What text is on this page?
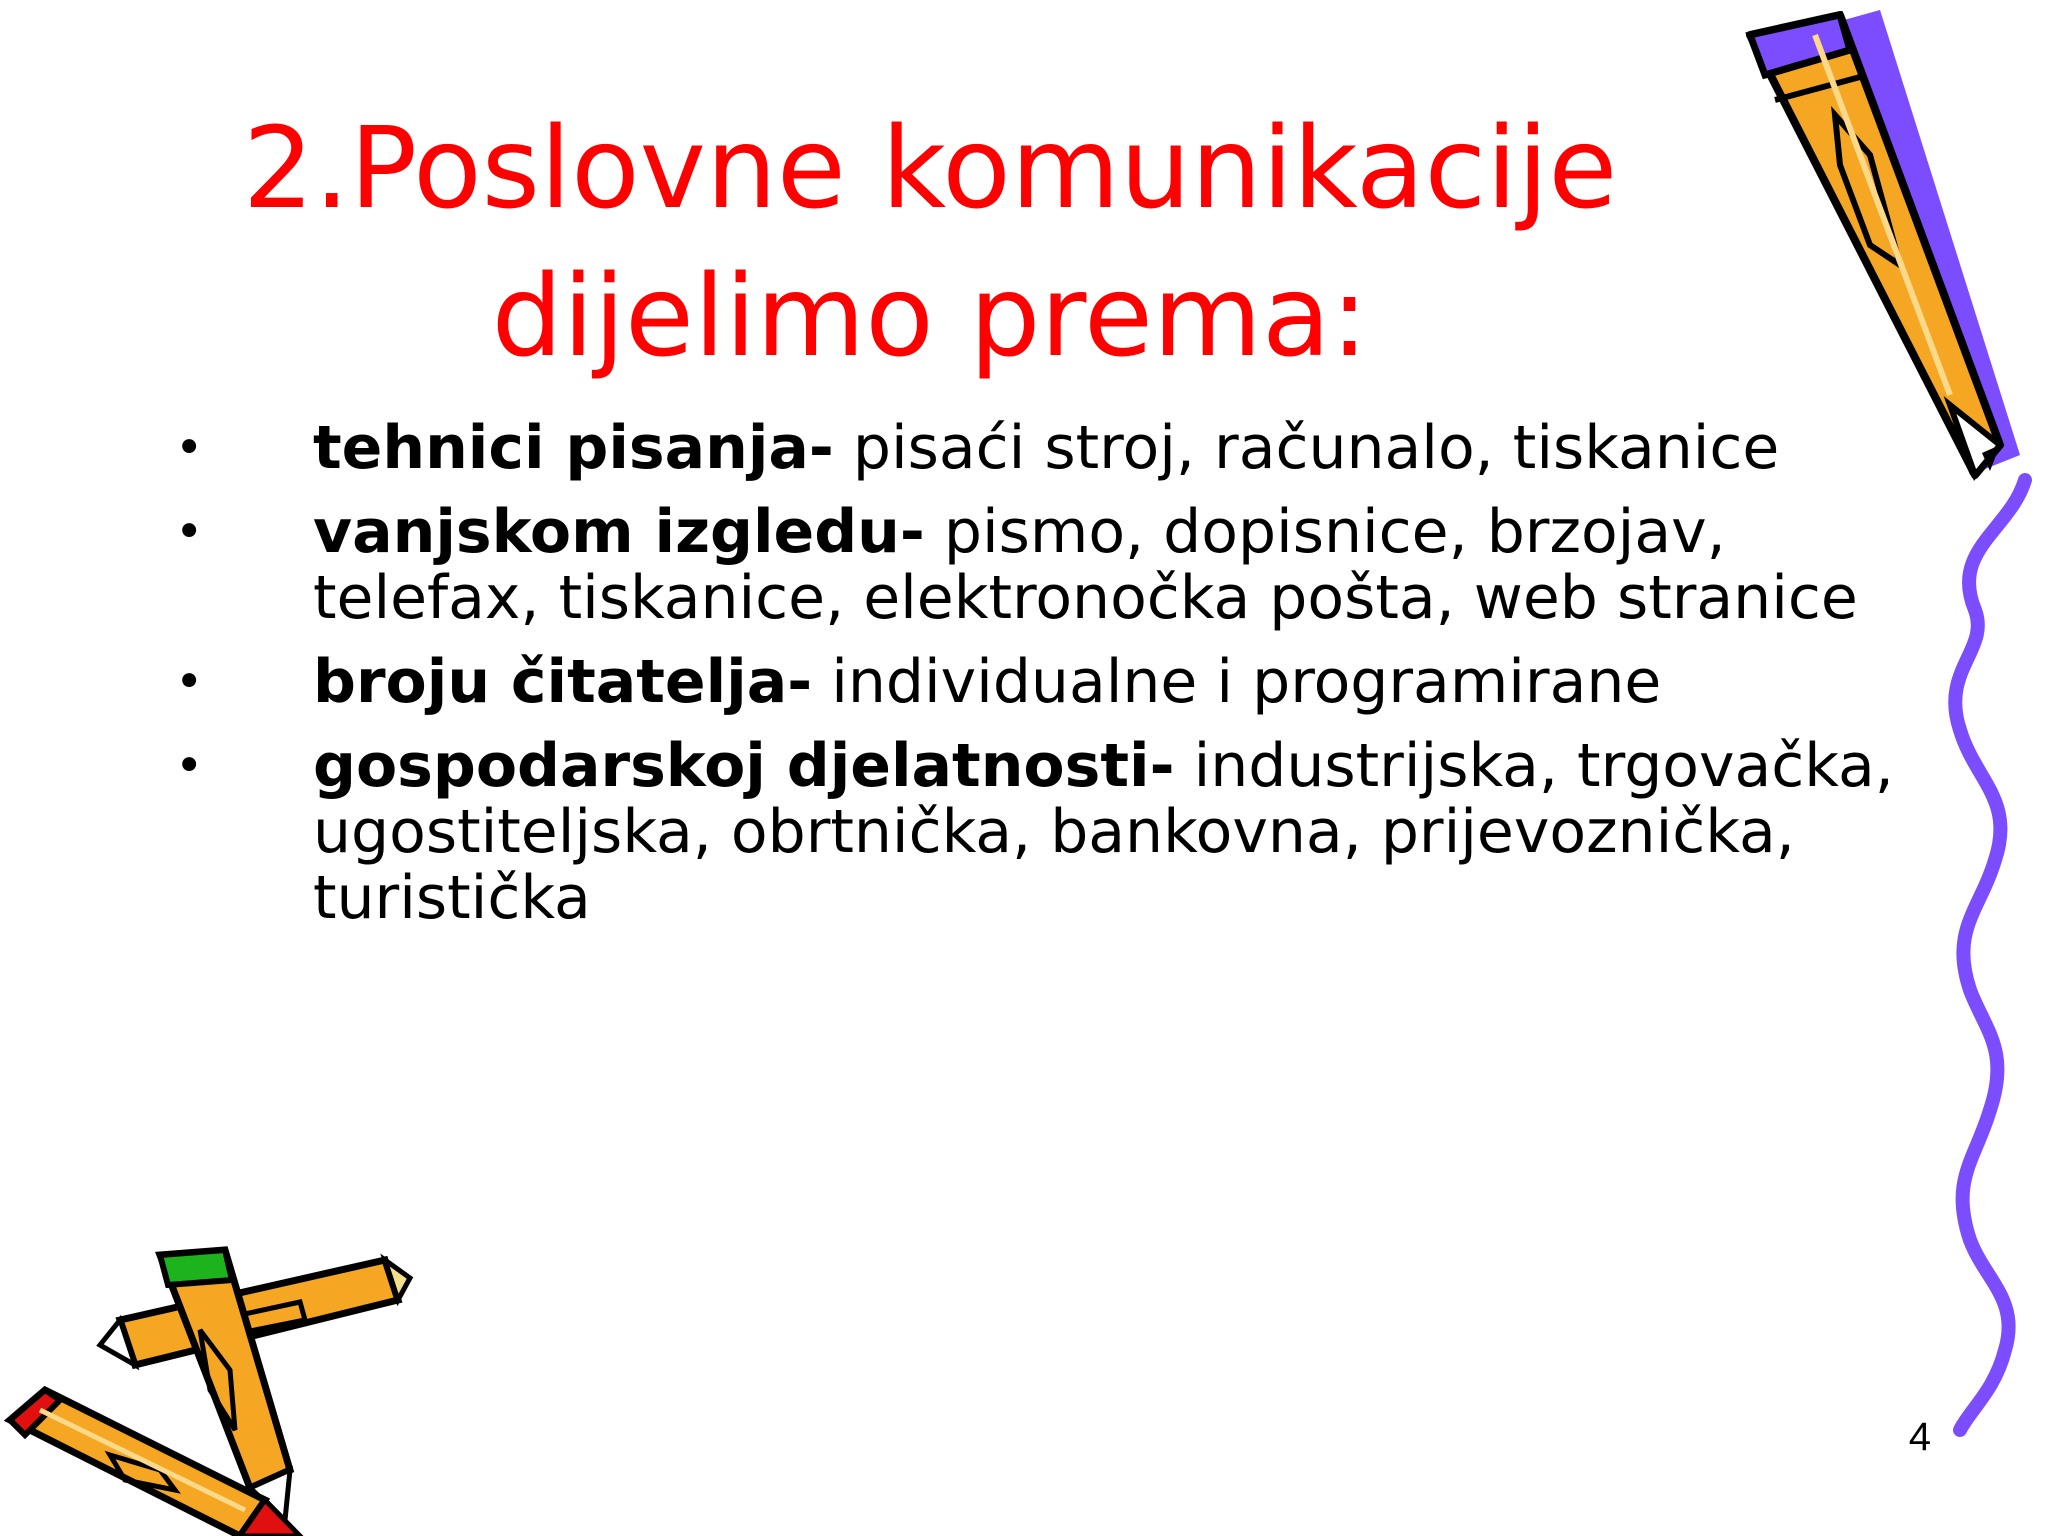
2.Poslovne komunikacije
dijelimo prema:
• tehnici pisanja- pisaći stroj, računalo, tiskanice
• vanjskom izgledu- pismo, dopisnice, brzojav, telefax, tiskanice, elektronočka pošta, web stranice
• broju čitatelja- individualne i programirane
• gospodarskoj djelatnosti- industrijska, trgovačka, ugostiteljska, obrtnička, bankovna, prijevoznička, turistička
4
